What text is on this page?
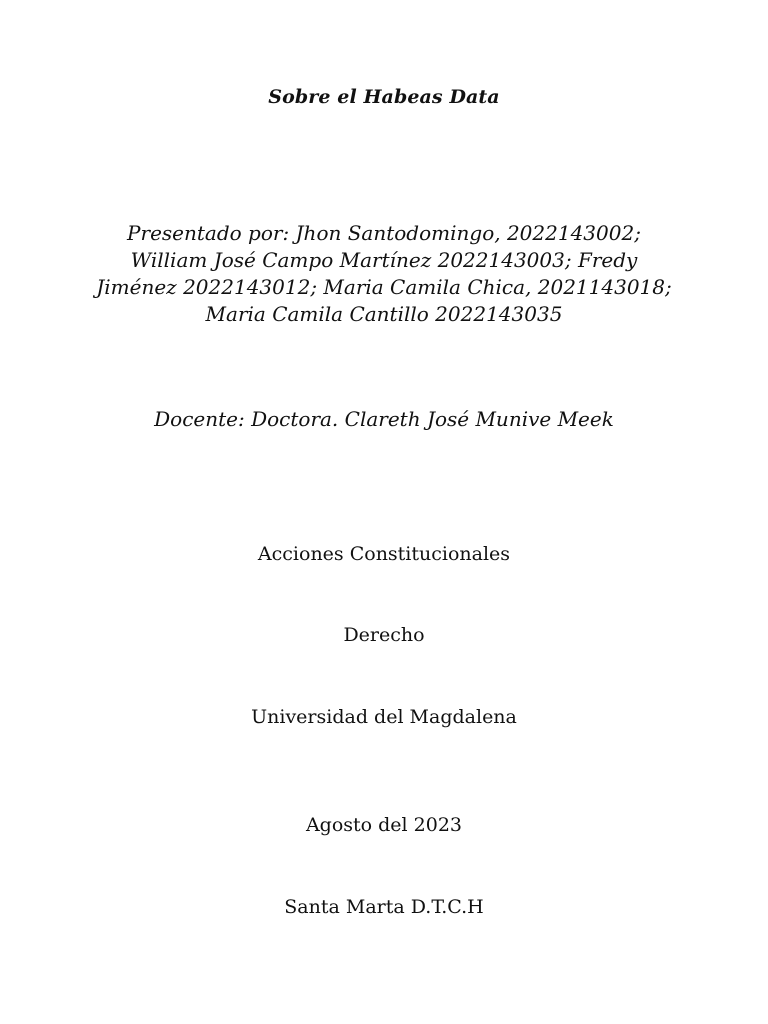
Sobre el Habeas Data
Presentado por: Jhon Santodomingo, 2022143002;
William José Campo Martínez 2022143003; Fredy
Jiménez 2022143012; Maria Camila Chica, 2021143018;
Maria Camila Cantillo 2022143035
Docente: Doctora. Clareth José Munive Meek
Acciones Constitucionales
Derecho
Universidad del Magdalena
Agosto del 2023
Santa Marta D.T.C.H
